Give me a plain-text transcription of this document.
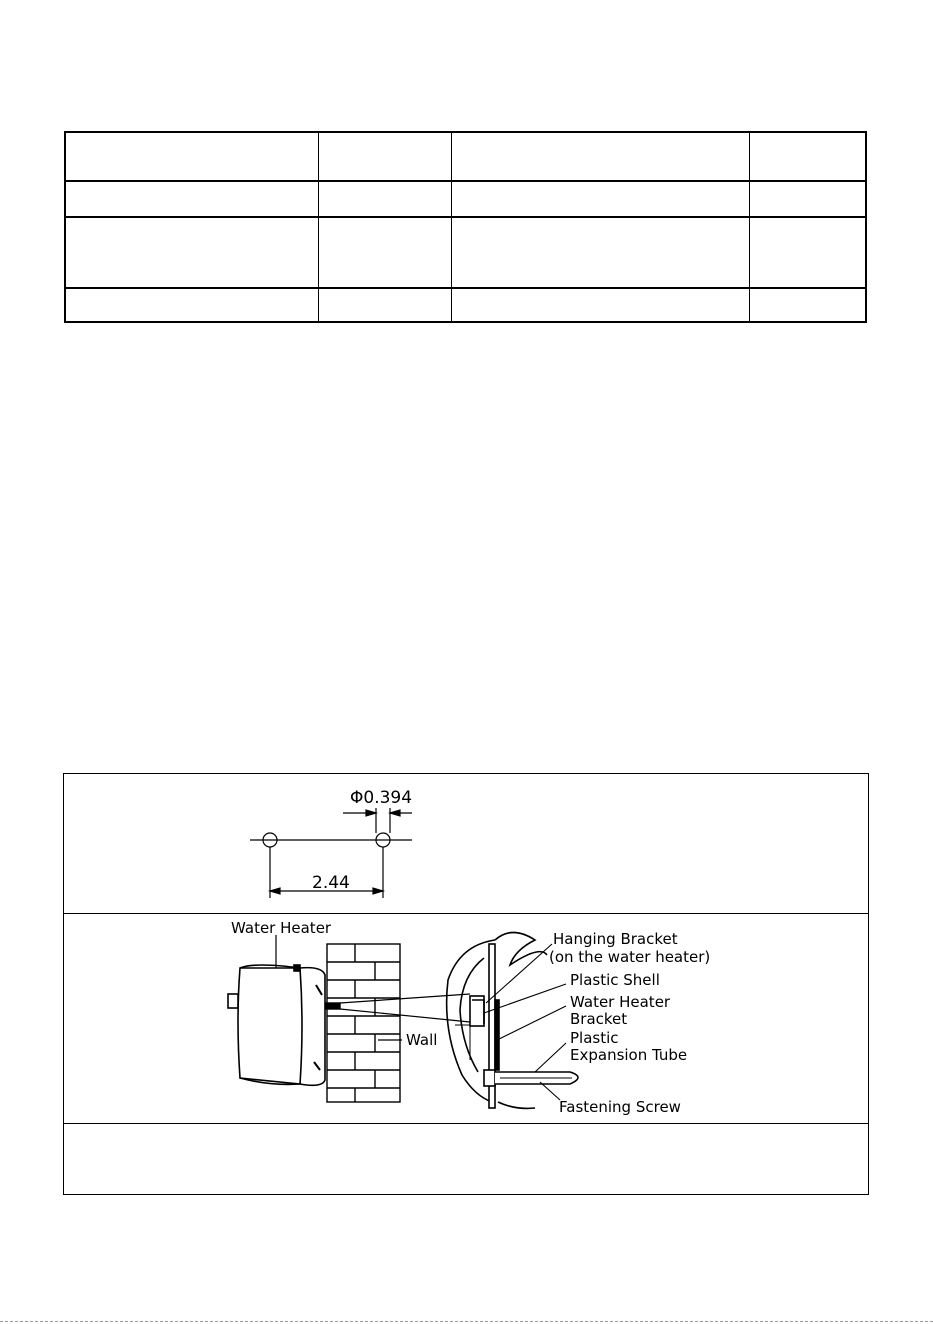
Φ0.394
2.44
Water Heater
Wall
Hanging Bracket
(on the water heater)
Plastic Shell
Water Heater
Bracket
Plastic
Expansion Tube
Fastening Screw
